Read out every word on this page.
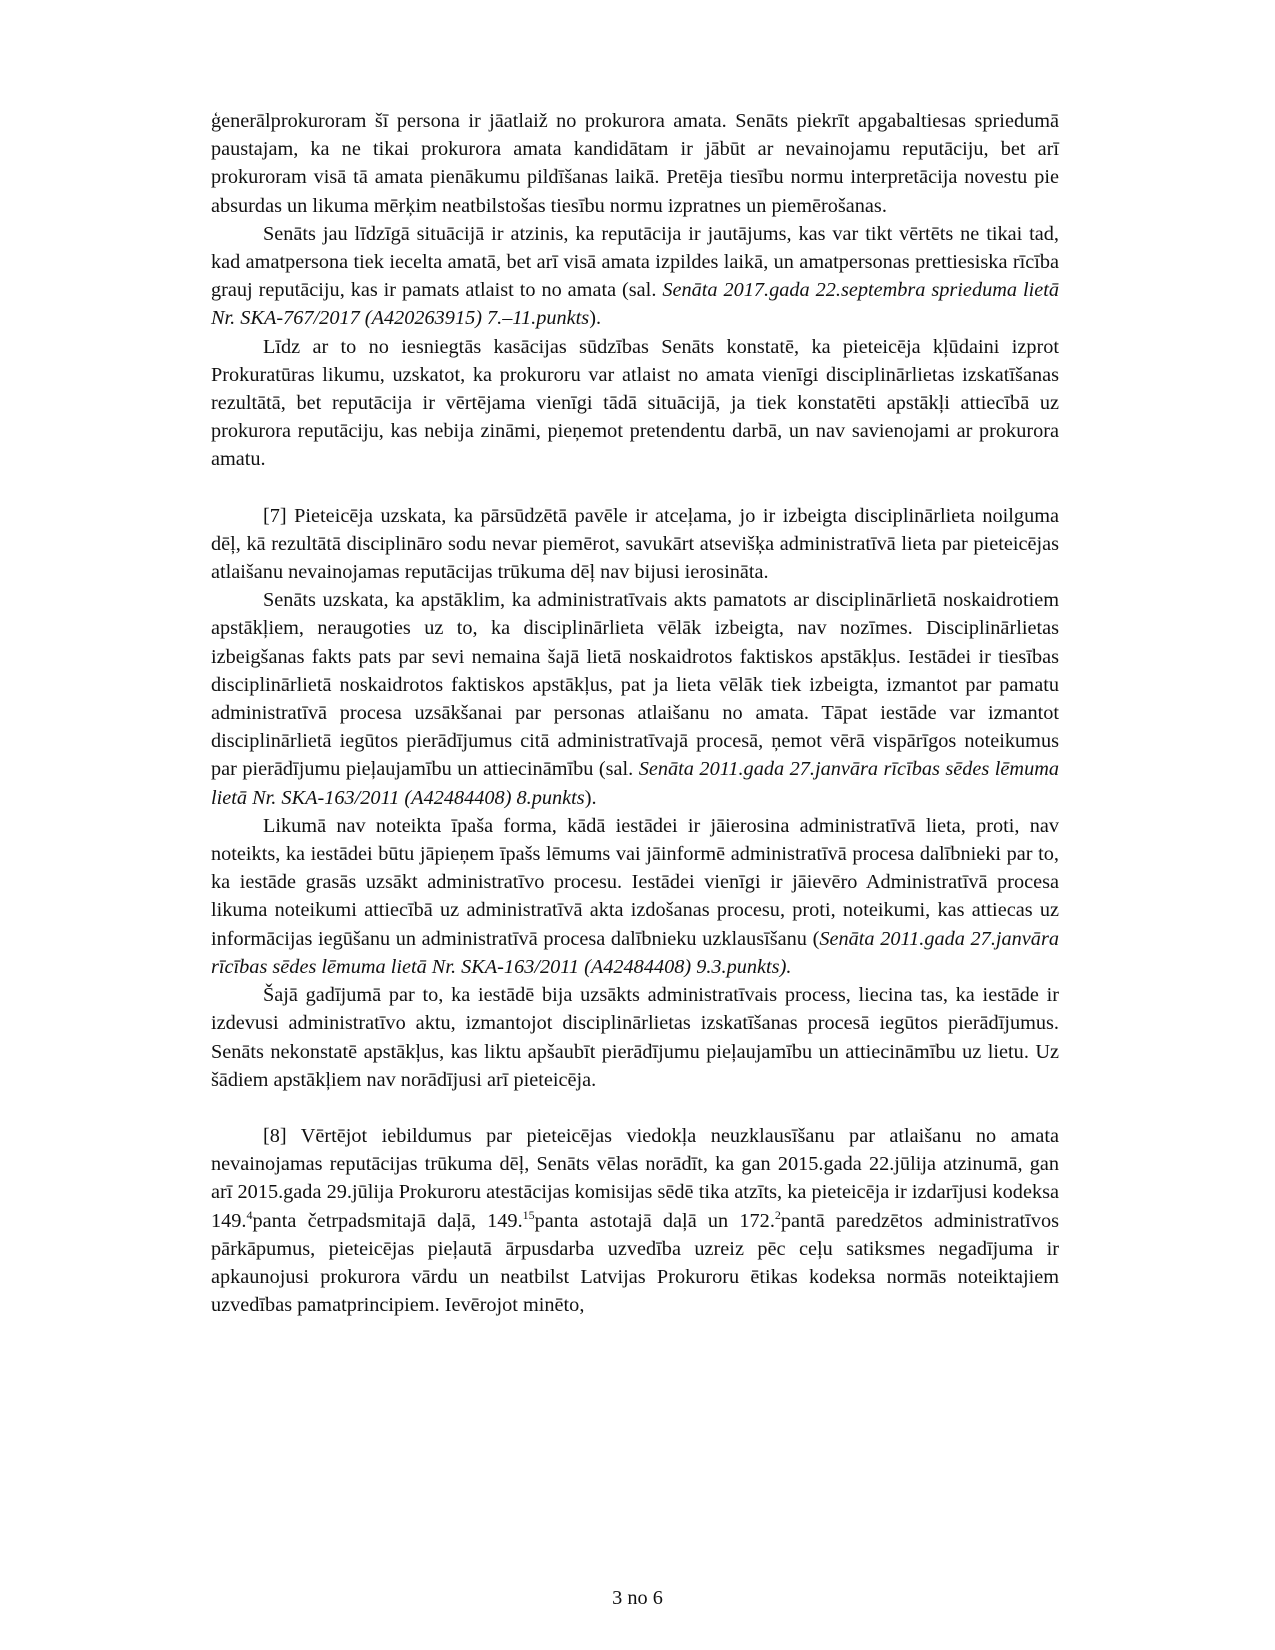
ģenerālprokuroram šī persona ir jāatlaiž no prokurora amata. Senāts piekrīt apgabaltiesas spriedumā paustajam, ka ne tikai prokurora amata kandidātam ir jābūt ar nevainojamu reputāciju, bet arī prokuroram visā tā amata pienākumu pildīšanas laikā. Pretēja tiesību normu interpretācija novestu pie absurdas un likuma mērķim neatbilstošas tiesību normu izpratnes un piemērošanas.

Senāts jau līdzīgā situācijā ir atzinis, ka reputācija ir jautājums, kas var tikt vērtēts ne tikai tad, kad amatpersona tiek iecelta amatā, bet arī visā amata izpildes laikā, un amatpersonas prettiesiska rīcība grauj reputāciju, kas ir pamats atlaist to no amata (sal. Senāta 2017.gada 22.septembra sprieduma lietā Nr. SKA-767/2017 (A420263915) 7.–11.punkts).

Līdz ar to no iesniegtās kasācijas sūdzības Senāts konstatē, ka pieteicēja kļūdaini izprot Prokuratūras likumu, uzskatot, ka prokuroru var atlaist no amata vienīgi disciplinārlietas izskatīšanas rezultātā, bet reputācija ir vērtējama vienīgi tādā situācijā, ja tiek konstatēti apstākļi attiecībā uz prokurora reputāciju, kas nebija zināmi, pieņemot pretendentu darbā, un nav savienojami ar prokurora amatu.

[7] Pieteicēja uzskata, ka pārsūdzētā pavēle ir atceļama, jo ir izbeigta disciplinārlieta noilguma dēļ, kā rezultātā disciplināro sodu nevar piemērot, savukārt atsevišķa administratīvā lieta par pieteicējas atlaišanu nevainojamas reputācijas trūkuma dēļ nav bijusi ierosināta.

Senāts uzskata, ka apstāklim, ka administratīvais akts pamatots ar disciplinārlietā noskaidrotiem apstākļiem, neraugoties uz to, ka disciplinārlieta vēlāk izbeigta, nav nozīmes. Disciplinārlietas izbeigšanas fakts pats par sevi nemaina šajā lietā noskaidrotos faktiskos apstākļus. Iestādei ir tiesības disciplinārlietā noskaidrotos faktiskos apstākļus, pat ja lieta vēlāk tiek izbeigta, izmantot par pamatu administratīvā procesa uzsākšanai par personas atlaišanu no amata. Tāpat iestāde var izmantot disciplinārlietā iegūtos pierādījumus citā administratīvajā procesā, ņemot vērā vispārīgos noteikumus par pierādījumu pieļaujamību un attiecināmību (sal. Senāta 2011.gada 27.janvāra rīcības sēdes lēmuma lietā Nr. SKA-163/2011 (A42484408) 8.punkts).

Likumā nav noteikta īpaša forma, kādā iestādei ir jāierosina administratīvā lieta, proti, nav noteikts, ka iestādei būtu jāpieņem īpašs lēmums vai jāinformē administratīvā procesa dalībnieki par to, ka iestāde grasās uzsākt administratīvo procesu. Iestādei vienīgi ir jāievēro Administratīvā procesa likuma noteikumi attiecībā uz administratīvā akta izdošanas procesu, proti, noteikumi, kas attiecas uz informācijas iegūšanu un administratīvā procesa dalībnieku uzklausīšanu (Senāta 2011.gada 27.janvāra rīcības sēdes lēmuma lietā Nr. SKA-163/2011 (A42484408) 9.3.punkts).

Šajā gadījumā par to, ka iestādē bija uzsākts administratīvais process, liecina tas, ka iestāde ir izdevusi administratīvo aktu, izmantojot disciplinārlietas izskatīšanas procesā iegūtos pierādījumus. Senāts nekonstatē apstākļus, kas liktu apšaubīt pierādījumu pieļaujamību un attiecināmību uz lietu. Uz šādiem apstākļiem nav norādījusi arī pieteicēja.

[8] Vērtējot iebildumus par pieteicējas viedokļa neuzklausīšanu par atlaišanu no amata nevainojamas reputācijas trūkuma dēļ, Senāts vēlas norādīt, ka gan 2015.gada 22.jūlija atzinumā, gan arī 2015.gada 29.jūlija Prokuroru atestācijas komisijas sēdē tika atzīts, ka pieteicēja ir izdarījusi kodeksa 149.$^4$panta četrpadsmitajā daļā, 149.15panta astotajā daļā un 172.$^2$pantā paredzētos administratīvos pārkāpumus, pieteicējas pieļautā ārpusdarba uzvedība uzreiz pēc ceļu satiksmes negadījuma ir apkaunojusi prokurora vārdu un neatbilst Latvijas Prokuroru ētikas kodeksa normās noteiktajiem uzvedības pamatprincipiem. Ievērojot minēto,

3 no 6
